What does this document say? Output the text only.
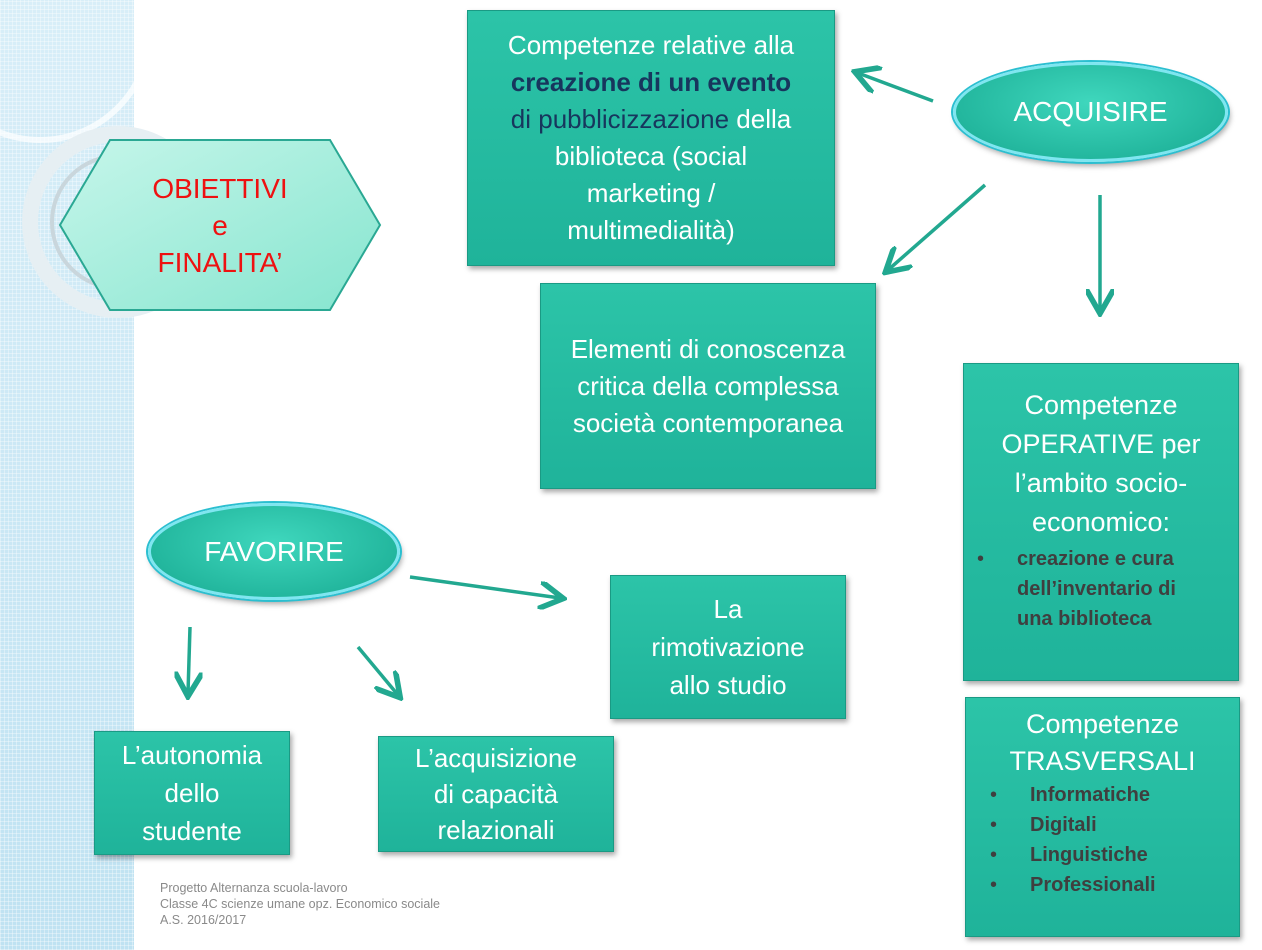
OBIETTIVI
e
FINALITA’
ACQUISIRE
FAVORIRE
Competenze relative alla
creazione di un evento
di pubblicizzazione della
biblioteca (social
marketing /
multimedialità)
Elementi di conoscenza
critica della complessa
società contemporanea
Competenze
OPERATIVE per
l’ambito socio-
economico:
• creazione e cura
dell’inventario di
una biblioteca
Competenze
TRASVERSALI
• Informatiche
• Digitali
• Linguistiche
• Professionali
La
rimotivazione
allo studio
L’autonomia
dello
studente
L’acquisizione
di capacità
relazionali
Progetto Alternanza scuola-lavoro
Classe 4C scienze umane opz. Economico sociale
A.S. 2016/2017
